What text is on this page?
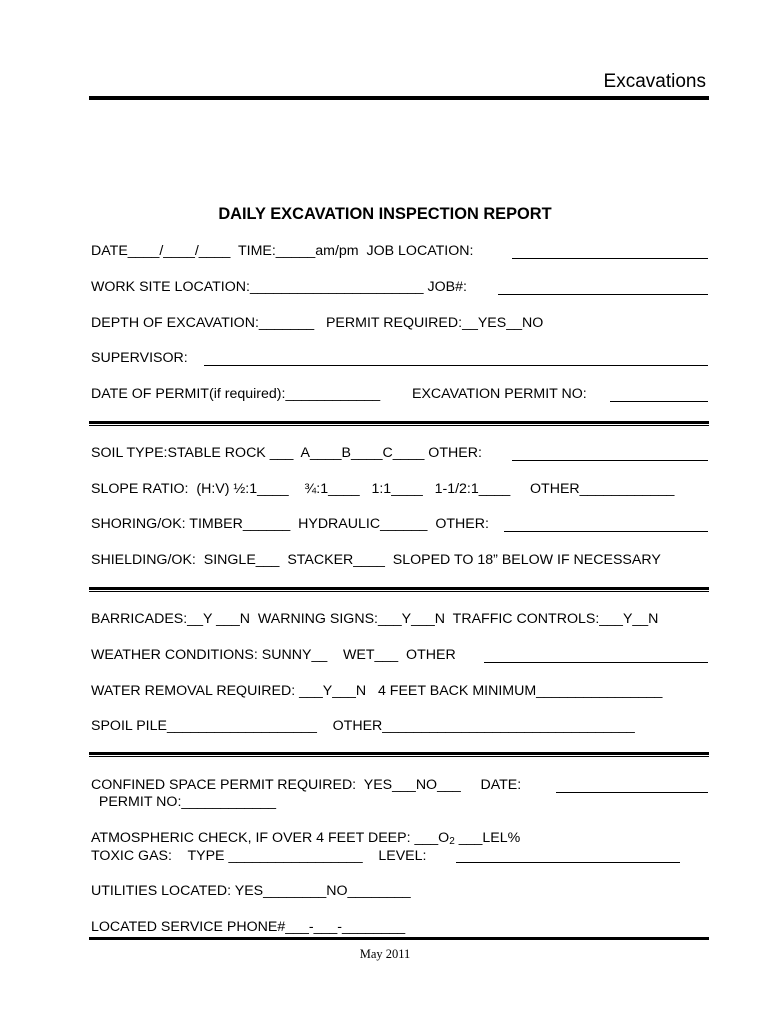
Excavations
DAILY EXCAVATION INSPECTION REPORT
DATE____/____/____  TIME:_____am/pm  JOB LOCATION:
WORK SITE LOCATION:______________________ JOB#:
DEPTH OF EXCAVATION:_______   PERMIT REQUIRED:__YES__NO
SUPERVISOR:
DATE OF PERMIT(if required):____________ EXCAVATION PERMIT NO:
SOIL TYPE:STABLE ROCK ___  A____B____C____ OTHER:
SLOPE RATIO:  (H:V) ½:1____    ¾:1____   1:1____   1-1/2:1____     OTHER____________
SHORING/OK: TIMBER______  HYDRAULIC______  OTHER:
SHIELDING/OK:  SINGLE___  STACKER____  SLOPED TO 18” BELOW IF NECESSARY
BARRICADES:__Y ___N  WARNING SIGNS:___Y___N  TRAFFIC CONTROLS:___Y__N
WEATHER CONDITIONS: SUNNY__    WET___  OTHER
WATER REMOVAL REQUIRED: ___Y___N   4 FEET BACK MINIMUM________________
SPOIL PILE___________________    OTHER________________________________
CONFINED SPACE PERMIT REQUIRED:  YES___NO___     DATE:
PERMIT NO:____________
ATMOSPHERIC CHECK, IF OVER 4 FEET DEEP: $\_\_\_O_2$ ___LEL%
TOXIC GAS:    TYPE _________________    LEVEL:
UTILITIES LOCATED: YES________NO________
LOCATED SERVICE PHONE#___-___-________
May 2011
